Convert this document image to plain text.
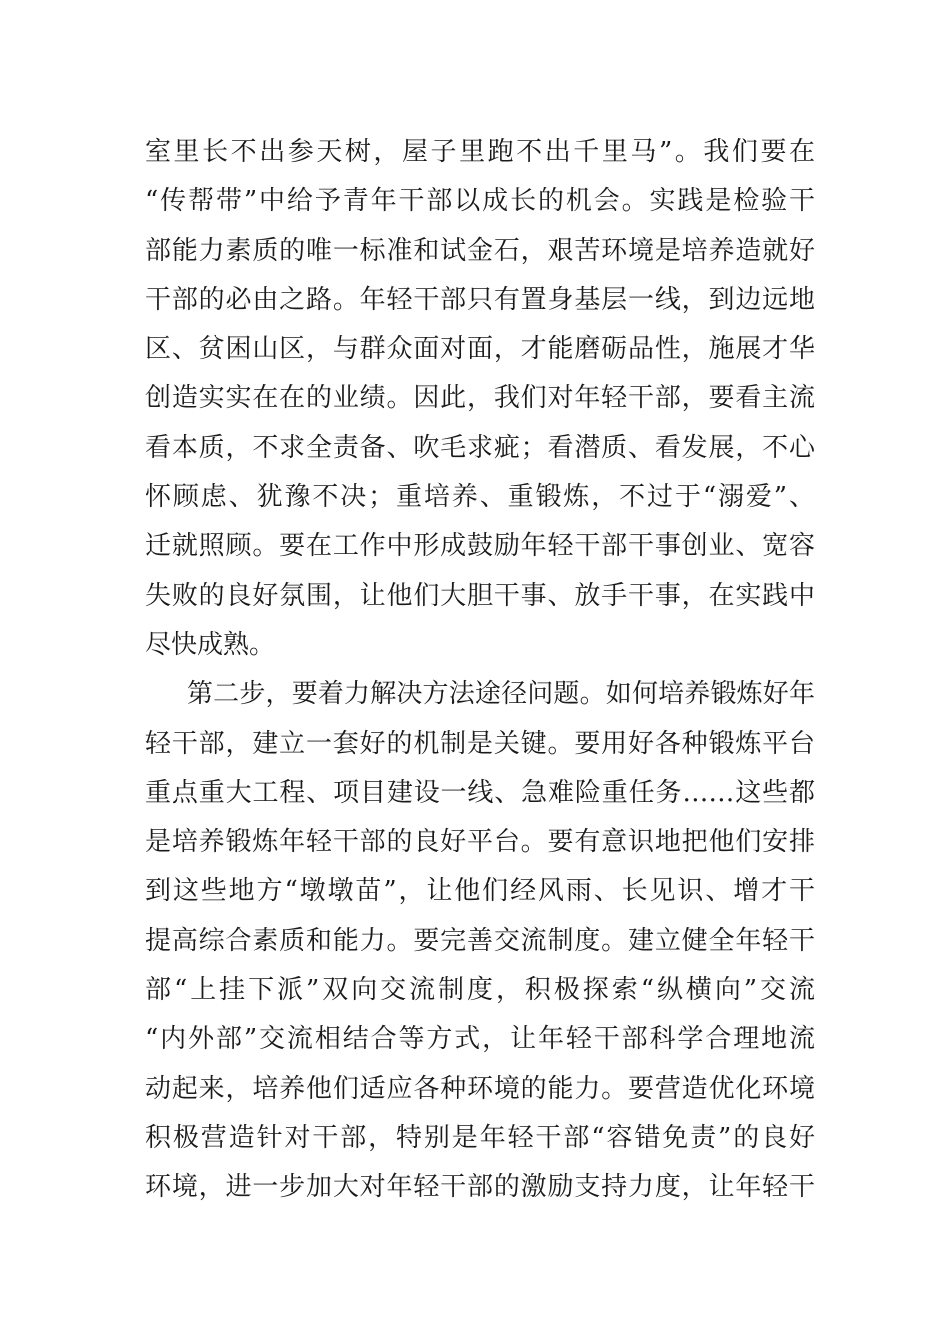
室里长不出参天树，屋子里跑不出千里马”。我们要在
“传帮带”中给予青年干部以成长的机会。实践是检验干
部能力素质的唯一标准和试金石，艰苦环境是培养造就好
干部的必由之路。年轻干部只有置身基层一线，到边远地
区、贫困山区，与群众面对面，才能磨砺品性，施展才华
创造实实在在的业绩。因此，我们对年轻干部，要看主流
看本质，不求全责备、吹毛求疵；看潜质、看发展，不心
怀顾虑、犹豫不决；重培养、重锻炼，不过于“溺爱”、
迁就照顾。要在工作中形成鼓励年轻干部干事创业、宽容
失败的良好氛围，让他们大胆干事、放手干事，在实践中
尽快成熟。
第二步，要着力解决方法途径问题。如何培养锻炼好年
轻干部，建立一套好的机制是关键。要用好各种锻炼平台
重点重大工程、项目建设一线、急难险重任务……这些都
是培养锻炼年轻干部的良好平台。要有意识地把他们安排
到这些地方“墩墩苗”，让他们经风雨、长见识、增才干
提高综合素质和能力。要完善交流制度。建立健全年轻干
部“上挂下派”双向交流制度，积极探索“纵横向”交流
“内外部”交流相结合等方式，让年轻干部科学合理地流
动起来，培养他们适应各种环境的能力。要营造优化环境
积极营造针对干部，特别是年轻干部“容错免责”的良好
环境，进一步加大对年轻干部的激励支持力度，让年轻干
